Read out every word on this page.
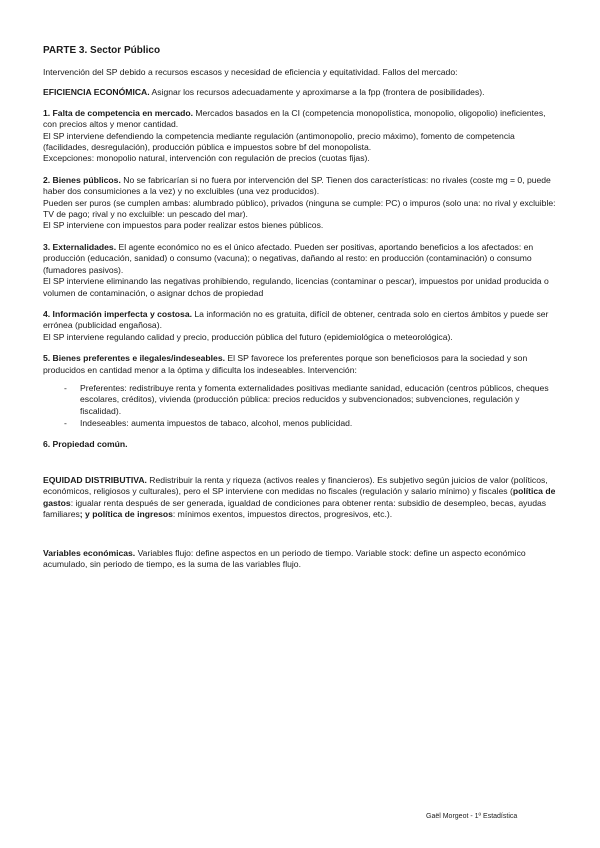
PARTE 3. Sector Público

Intervención del SP debido a recursos escasos y necesidad de eficiencia y equitatividad. Fallos del mercado:

EFICIENCIA ECONÓMICA. Asignar los recursos adecuadamente y aproximarse a la fpp (frontera de posibilidades).

1. Falta de competencia en mercado. Mercados basados en la CI (competencia monopolística, monopolio, oligopolio) ineficientes, con precios altos y menor cantidad.
El SP interviene defendiendo la competencia mediante regulación (antimonopolio, precio máximo), fomento de competencia (facilidades, desregulación), producción pública e impuestos sobre bf del monopolista.
Excepciones: monopolio natural, intervención con regulación de precios (cuotas fijas).
2. Bienes públicos. No se fabricarían si no fuera por intervención del SP. Tienen dos características: no rivales (coste mg = 0, puede haber dos consumiciones a la vez) y no excluibles (una vez producidos).
Pueden ser puros (se cumplen ambas: alumbrado público), privados (ninguna se cumple: PC) o impuros (solo una: no rival y excluible: TV de pago; rival y no excluible: un pescado del mar).
El SP interviene con impuestos para poder realizar estos bienes públicos.
3. Externalidades. El agente económico no es el único afectado. Pueden ser positivas, aportando beneficios a los afectados: en producción (educación, sanidad) o consumo (vacuna); o negativas, dañando al resto: en producción (contaminación) o consumo (fumadores pasivos).
El SP interviene eliminando las negativas prohibiendo, regulando, licencias (contaminar o pescar), impuestos por unidad producida o volumen de contaminación, o asignar dchos de propiedad
4. Información imperfecta y costosa. La información no es gratuita, difícil de obtener, centrada solo en ciertos ámbitos y puede ser errónea (publicidad engañosa).
El SP interviene regulando calidad y precio, producción pública del futuro (epidemiológica o meteorológica).
5. Bienes preferentes e ilegales/indeseables. El SP favorece los preferentes porque son beneficiosos para la sociedad y son producidos en cantidad menor a la óptima y dificulta los indeseables. Intervención:
- Preferentes: redistribuye renta y fomenta externalidades positivas mediante sanidad, educación (centros públicos, cheques escolares, créditos), vivienda (producción pública: precios reducidos y subvencionados; subvenciones, regulación y fiscalidad).
- Indeseables: aumenta impuestos de tabaco, alcohol, menos publicidad.

6. Propiedad común.

EQUIDAD DISTRIBUTIVA. Redistribuir la renta y riqueza (activos reales y financieros). Es subjetivo según juicios de valor (políticos, económicos, religiosos y culturales), pero el SP interviene con medidas no fiscales (regulación y salario mínimo) y fiscales (política de gastos: igualar renta después de ser generada, igualdad de condiciones para obtener renta: subsidio de desempleo, becas, ayudas familiares; y política de ingresos: mínimos exentos, impuestos directos, progresivos, etc.).

Variables económicas. Variables flujo: define aspectos en un periodo de tiempo. Variable stock: define un aspecto económico acumulado, sin periodo de tiempo, es la suma de las variables flujo.

Gaël Morgeot - 1º Estadística
